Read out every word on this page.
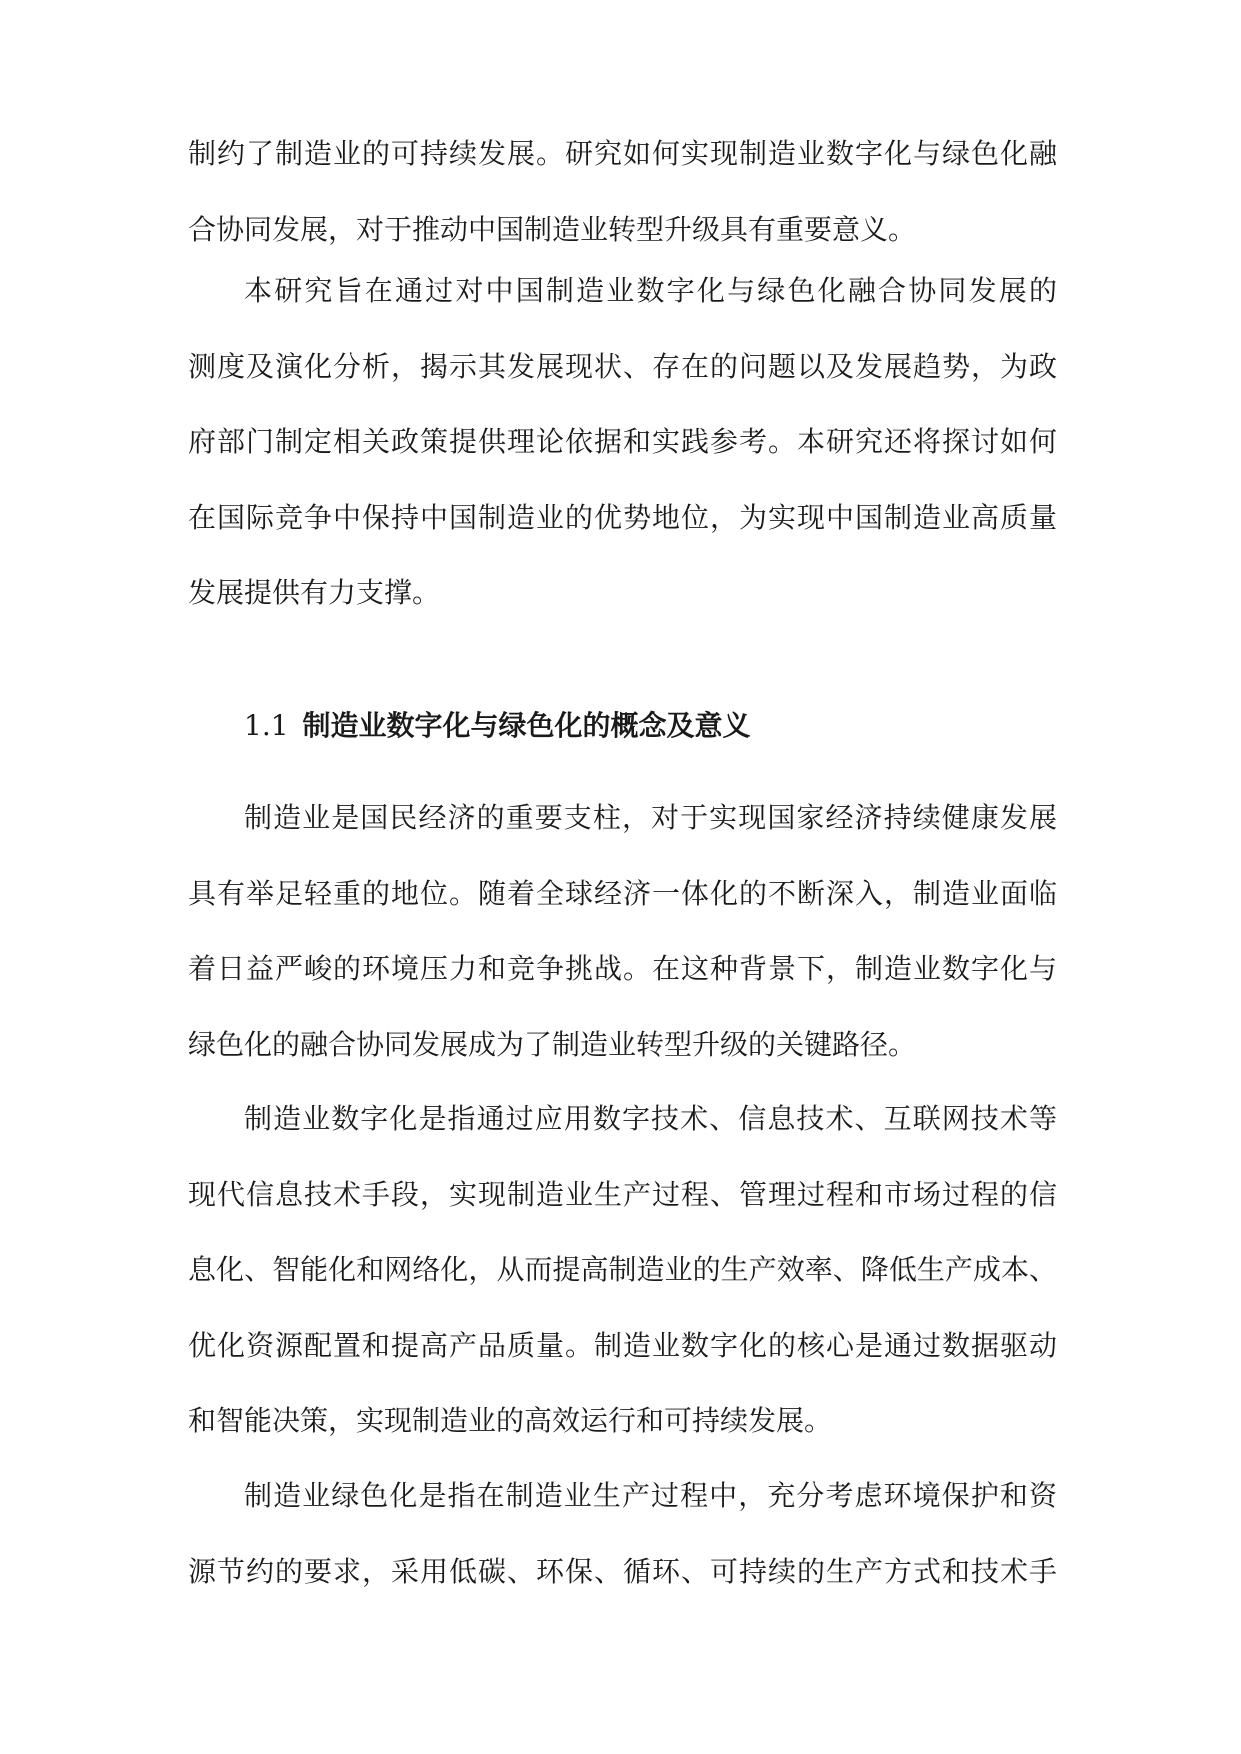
制约了制造业的可持续发展。研究如何实现制造业数字化与绿色化融
合协同发展，对于推动中国制造业转型升级具有重要意义。
本研究旨在通过对中国制造业数字化与绿色化融合协同发展的
测度及演化分析，揭示其发展现状、存在的问题以及发展趋势，为政
府部门制定相关政策提供理论依据和实践参考。本研究还将探讨如何
在国际竞争中保持中国制造业的优势地位，为实现中国制造业高质量
发展提供有力支撑。
1.1 制造业数字化与绿色化的概念及意义
制造业是国民经济的重要支柱，对于实现国家经济持续健康发展
具有举足轻重的地位。随着全球经济一体化的不断深入，制造业面临
着日益严峻的环境压力和竞争挑战。在这种背景下，制造业数字化与
绿色化的融合协同发展成为了制造业转型升级的关键路径。
制造业数字化是指通过应用数字技术、信息技术、互联网技术等
现代信息技术手段，实现制造业生产过程、管理过程和市场过程的信
息化、智能化和网络化，从而提高制造业的生产效率、降低生产成本、
优化资源配置和提高产品质量。制造业数字化的核心是通过数据驱动
和智能决策，实现制造业的高效运行和可持续发展。
制造业绿色化是指在制造业生产过程中，充分考虑环境保护和资
源节约的要求，采用低碳、环保、循环、可持续的生产方式和技术手
